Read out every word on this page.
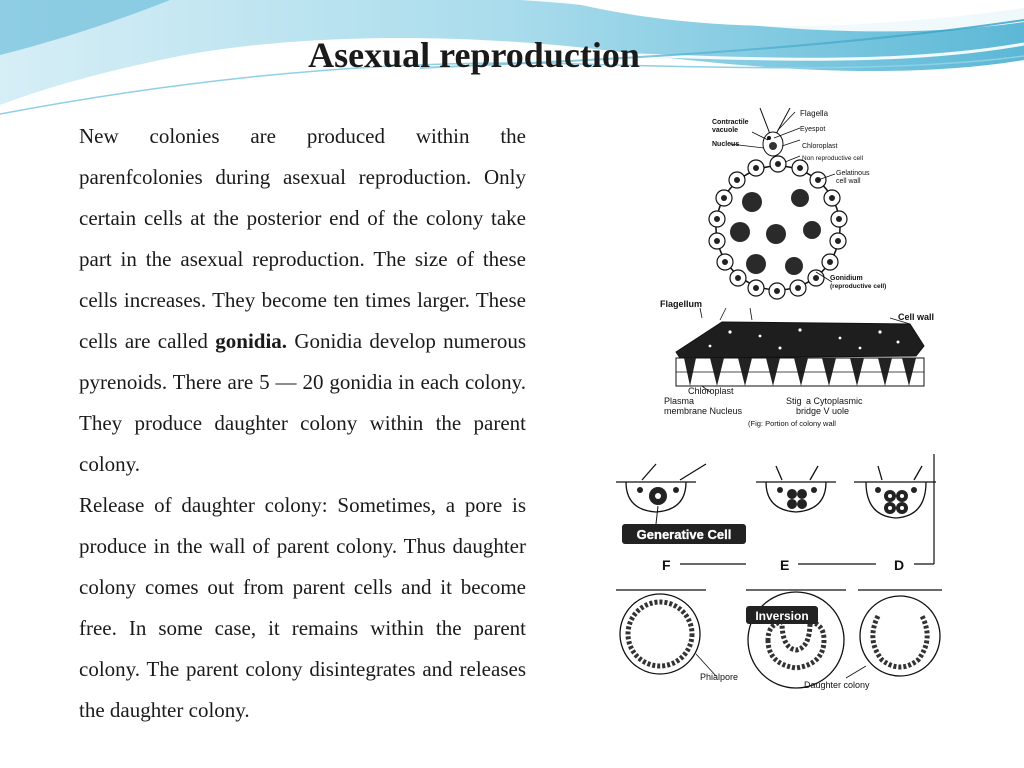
Asexual reproduction

New colonies are produced within the parenfcolonies during asexual reproduction. Only certain cells at the posterior end of the colony take part in the asexual reproduction. The size of these cells increases. They become ten times larger. These cells are called gonidia. Gonidia develop numerous pyrenoids. There are 5 — 20 gonidia in each colony. They produce daughter colony within the parent colony.

Release of daughter colony: Sometimes, a pore is produce in the wall of parent colony. Thus daughter colony comes out from parent cells and it become free. In some case, it remains within the parent colony. The parent colony disintegrates and releases the daughter colony.

Flagella
Contractile
vacuole	Eyespot
Nucleus	Chloroplast
Non reproductive cell
Gelatinous
cell wall
Gonidium
(reproductive cell)
Flagellum
Cell wall
Chloroplast
Plasma	Stig a Cytoplasmic
membrane Nucleus	bridge V uole
(Fig: Portion of colony wall
Generative Cell
F	E	D
Inversion
Phialpore
Daughter colony
